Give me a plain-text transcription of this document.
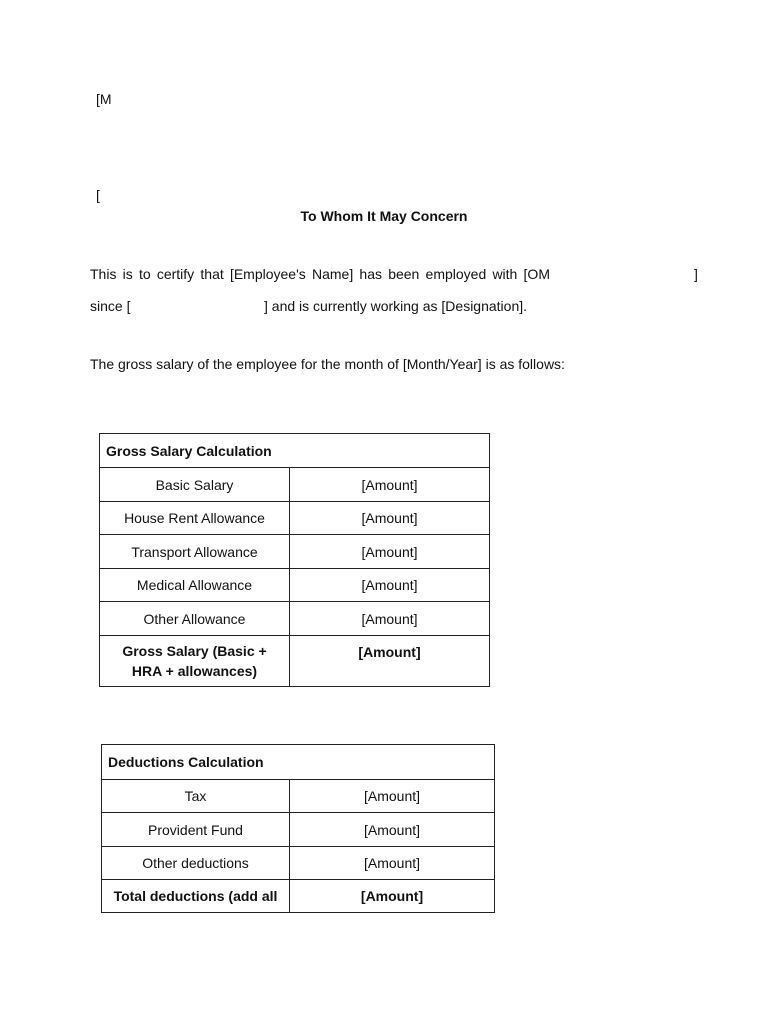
[M
[
To Whom It May Concern
This is to certify that [Employee's Name] has been employed with [OM	]
since [	] and is currently working as [Designation].
The gross salary of the employee for the month of [Month/Year] is as follows:
Gross Salary Calculation	
Basic Salary	[Amount]
House Rent Allowance	[Amount]
Transport Allowance	[Amount]
Medical Allowance	[Amount]
Other Allowance	[Amount]
Gross Salary (Basic + HRA + allowances)	[Amount]
Deductions Calculation	
Tax	[Amount]
Provident Fund	[Amount]
Other deductions	[Amount]
Total deductions (add all	[Amount]
